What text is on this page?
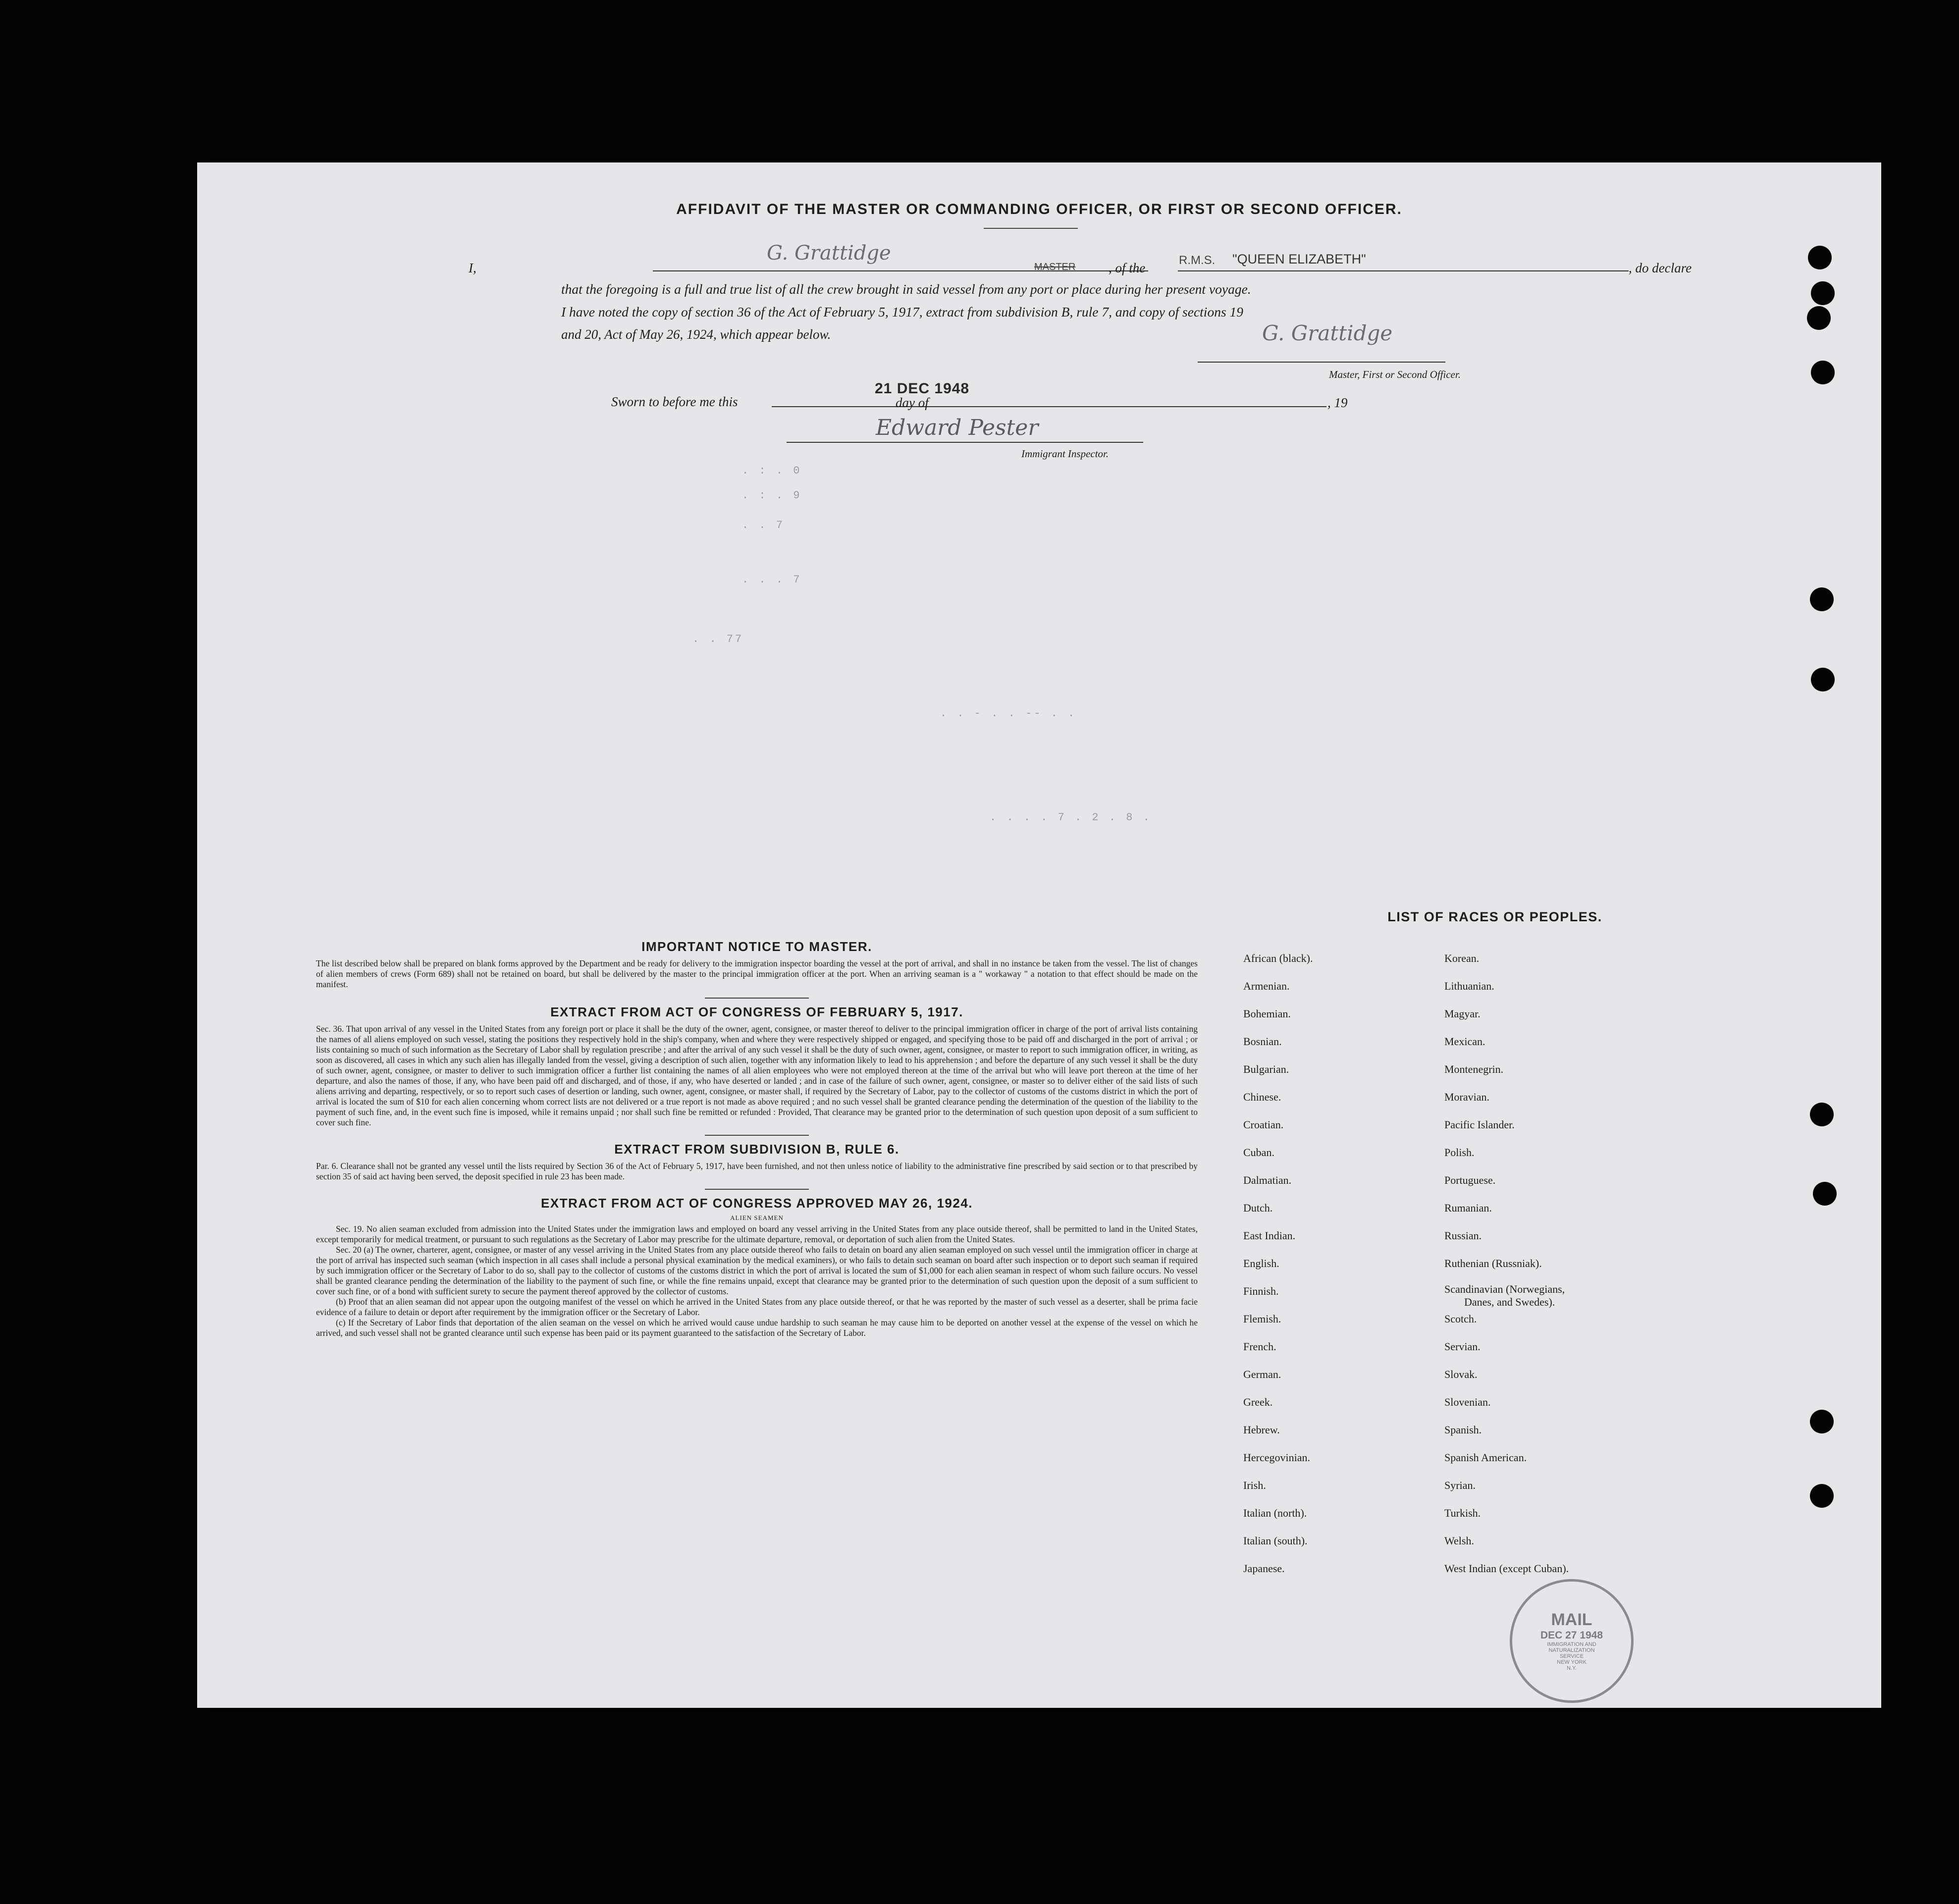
AFFIDAVIT OF THE MASTER OR COMMANDING OFFICER, OR FIRST OR SECOND OFFICER.
I,
G. Grattidge
MASTER , of the
R.M.S. "QUEEN ELIZABETH"
, do declare
that the foregoing is a full and true list of all the crew brought in said vessel from any port or place during her present voyage.
I have noted the copy of section 36 of the Act of February 5, 1917, extract from subdivision B, rule 7, and copy of sections 19
and 20, Act of May 26, 1924, which appear below.	G. Grattidge
Master, First or Second Officer.
Sworn to before me this
21 DEC 1948
day of	, 19
Edward Pester
Immigrant Inspector.
. : . 0
. : . 9
. . 7
. . . 7
. . 77
. . - . . -- . .
. . . . 7 . 2 . 8 .
IMPORTANT NOTICE TO MASTER.
The list described below shall be prepared on blank forms approved by the Department and be ready for delivery to the immigration inspector boarding the vessel at the port of arrival, and shall in no instance be taken from the vessel. The list of changes of alien members of crews (Form 689) shall not be retained on board, but shall be delivered by the master to the principal immigration officer at the port. When an arriving seaman is a " workaway " a notation to that effect should be made on the manifest.
EXTRACT FROM ACT OF CONGRESS OF FEBRUARY 5, 1917.
Sec. 36. That upon arrival of any vessel in the United States from any foreign port or place it shall be the duty of the owner, agent, consignee, or master thereof to deliver to the principal immigration officer in charge of the port of arrival lists containing the names of all aliens employed on such vessel, stating the positions they respectively hold in the ship's company, when and where they were respectively shipped or engaged, and specifying those to be paid off and discharged in the port of arrival ; or lists containing so much of such information as the Secretary of Labor shall by regulation prescribe ; and after the arrival of any such vessel it shall be the duty of such owner, agent, consignee, or master to report to such immigration officer, in writing, as soon as discovered, all cases in which any such alien has illegally landed from the vessel, giving a description of such alien, together with any information likely to lead to his apprehension ; and before the departure of any such vessel it shall be the duty of such owner, agent, consignee, or master to deliver to such immigration officer a further list containing the names of all alien employees who were not employed thereon at the time of the arrival but who will leave port thereon at the time of her departure, and also the names of those, if any, who have been paid off and discharged, and of those, if any, who have deserted or landed ; and in case of the failure of such owner, agent, consignee, or master so to deliver either of the said lists of such aliens arriving and departing, respectively, or so to report such cases of desertion or landing, such owner, agent, consignee, or master shall, if required by the Secretary of Labor, pay to the collector of customs of the customs district in which the port of arrival is located the sum of $10 for each alien concerning whom correct lists are not delivered or a true report is not made as above required ; and no such vessel shall be granted clearance pending the determination of the question of the liability to the payment of such fine, and, in the event such fine is imposed, while it remains unpaid ; nor shall such fine be remitted or refunded : Provided, That clearance may be granted prior to the determination of such question upon deposit of a sum sufficient to cover such fine.
EXTRACT FROM SUBDIVISION B, RULE 6.
Par. 6. Clearance shall not be granted any vessel until the lists required by Section 36 of the Act of February 5, 1917, have been furnished, and not then unless notice of liability to the administrative fine prescribed by said section or to that prescribed by section 35 of said act having been served, the deposit specified in rule 23 has been made.
EXTRACT FROM ACT OF CONGRESS APPROVED MAY 26, 1924.
ALIEN SEAMEN
Sec. 19. No alien seaman excluded from admission into the United States under the immigration laws and employed on board any vessel arriving in the United States from any place outside thereof, shall be permitted to land in the United States, except temporarily for medical treatment, or pursuant to such regulations as the Secretary of Labor may prescribe for the ultimate departure, removal, or deportation of such alien from the United States.
Sec. 20 (a) The owner, charterer, agent, consignee, or master of any vessel arriving in the United States from any place outside thereof who fails to detain on board any alien seaman employed on such vessel until the immigration officer in charge at the port of arrival has inspected such seaman (which inspection in all cases shall include a personal physical examination by the medical examiners), or who fails to detain such seaman on board after such inspection or to deport such seaman if required by such immigration officer or the Secretary of Labor to do so, shall pay to the collector of customs of the customs district in which the port of arrival is located the sum of $1,000 for each alien seaman in respect of whom such failure occurs. No vessel shall be granted clearance pending the determination of the liability to the payment of such fine, or while the fine remains unpaid, except that clearance may be granted prior to the determination of such question upon the deposit of a sum sufficient to cover such fine, or of a bond with sufficient surety to secure the payment thereof approved by the collector of customs.
(b) Proof that an alien seaman did not appear upon the outgoing manifest of the vessel on which he arrived in the United States from any place outside thereof, or that he was reported by the master of such vessel as a deserter, shall be prima facie evidence of a failure to detain or deport after requirement by the immigration officer or the Secretary of Labor.
(c) If the Secretary of Labor finds that deportation of the alien seaman on the vessel on which he arrived would cause undue hardship to such seaman he may cause him to be deported on another vessel at the expense of the vessel on which he arrived, and such vessel shall not be granted clearance until such expense has been paid or its payment guaranteed to the satisfaction of the Secretary of Labor.
LIST OF RACES OR PEOPLES.
African (black).
Armenian.
Bohemian.
Bosnian.
Bulgarian.
Chinese.
Croatian.
Cuban.
Dalmatian.
Dutch.
East Indian.
English.
Finnish.
Flemish.
French.
German.
Greek.
Hebrew.
Hercegovinian.
Irish.
Italian (north).
Italian (south).
Japanese.
Korean.
Lithuanian.
Magyar.
Mexican.
Montenegrin.
Moravian.
Pacific Islander.
Polish.
Portuguese.
Rumanian.
Russian.
Ruthenian (Russniak).
Scandinavian (Norwegians,
Danes, and Swedes).
Scotch.
Servian.
Slovak.
Slovenian.
Spanish.
Spanish American.
Syrian.
Turkish.
Welsh.
West Indian (except Cuban).
MAIL
DEC 27 1948
IMMIGRATION AND
NATURALIZATION
SERVICE
NEW YORK
N.Y.
